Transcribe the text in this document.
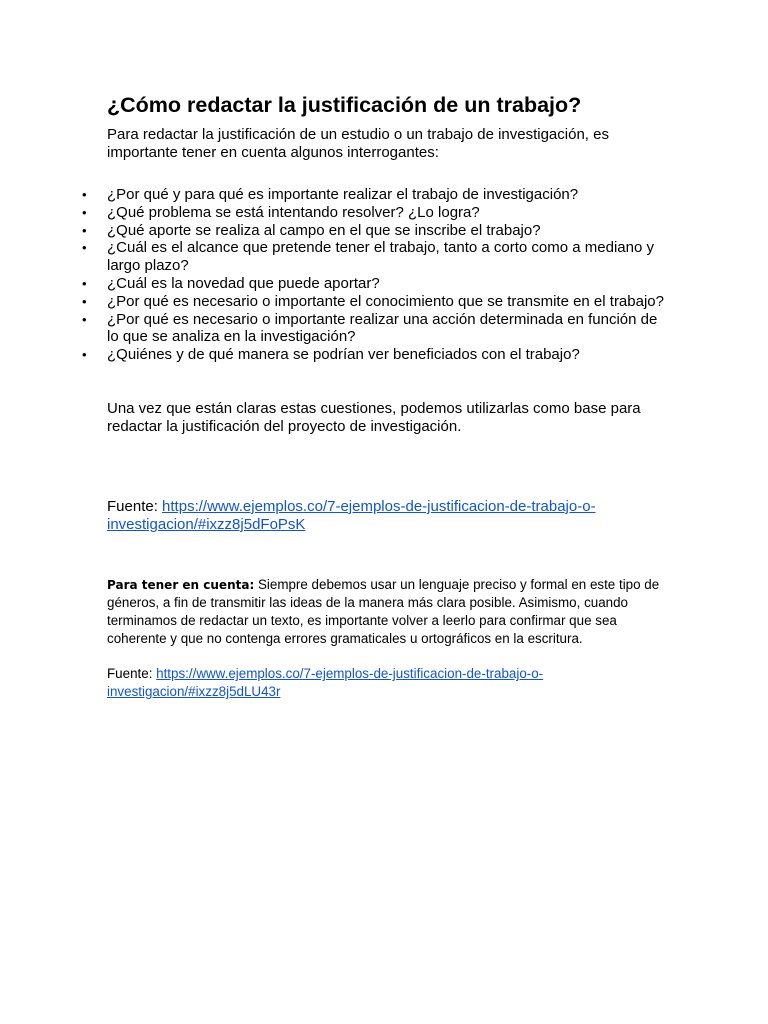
¿Cómo redactar la justificación de un trabajo?

Para redactar la justificación de un estudio o un trabajo de investigación, es importante tener en cuenta algunos interrogantes:

•	¿Por qué y para qué es importante realizar el trabajo de investigación?
•	¿Qué problema se está intentando resolver? ¿Lo logra?
•	¿Qué aporte se realiza al campo en el que se inscribe el trabajo?
•	¿Cuál es el alcance que pretende tener el trabajo, tanto a corto como a mediano y largo plazo?
•	¿Cuál es la novedad que puede aportar?
•	¿Por qué es necesario o importante el conocimiento que se transmite en el trabajo?
•	¿Por qué es necesario o importante realizar una acción determinada en función de lo que se analiza en la investigación?
•	¿Quiénes y de qué manera se podrían ver beneficiados con el trabajo?

Una vez que están claras estas cuestiones, podemos utilizarlas como base para redactar la justificación del proyecto de investigación.

Fuente: https://www.ejemplos.co/7-ejemplos-de-justificacion-de-trabajo-o-investigacion/#ixzz8j5dFoPsK

Para tener en cuenta: Siempre debemos usar un lenguaje preciso y formal en este tipo de géneros, a fin de transmitir las ideas de la manera más clara posible. Asimismo, cuando terminamos de redactar un texto, es importante volver a leerlo para confirmar que sea coherente y que no contenga errores gramaticales u ortográficos en la escritura.

Fuente: https://www.ejemplos.co/7-ejemplos-de-justificacion-de-trabajo-o-investigacion/#ixzz8j5dLU43r
